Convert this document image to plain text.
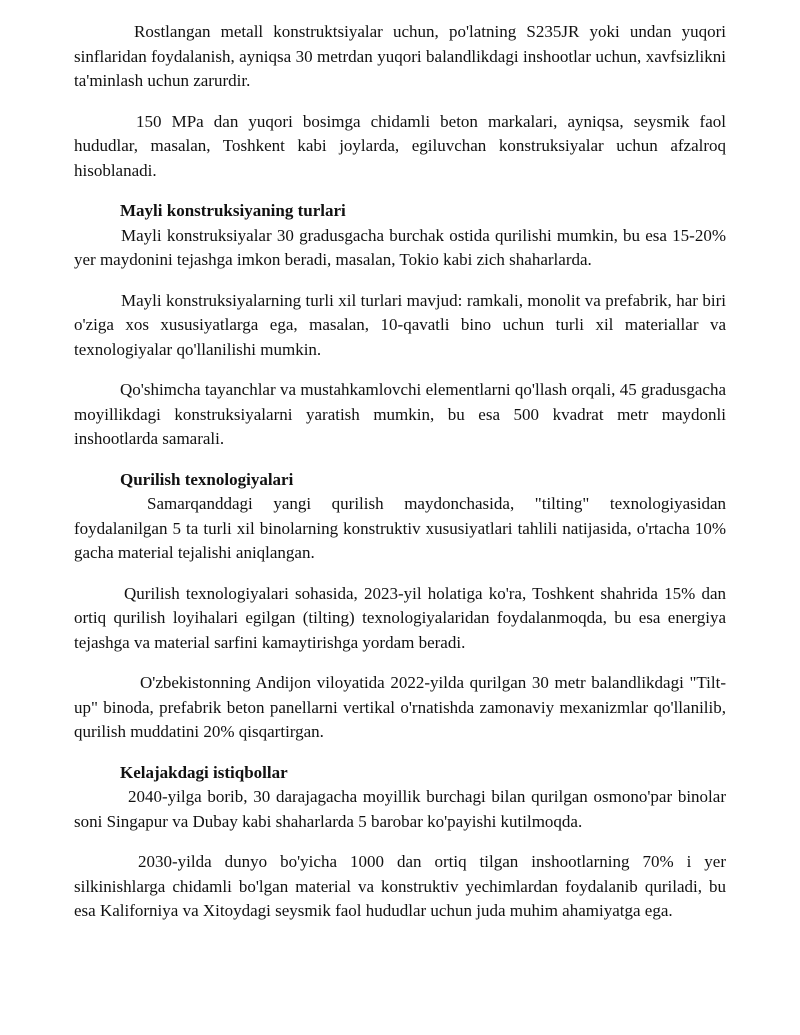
Rostlangan metall konstruktsiyalar uchun, po'latning S235JR yoki undan yuqori sinflaridan foydalanish, ayniqsa 30 metrdan yuqori balandlikdagi inshootlar uchun, xavfsizlikni ta'minlash uchun zarurdir.

150 MPa dan yuqori bosimga chidamli beton markalari, ayniqsa, seysmik faol hududlar, masalan, Toshkent kabi joylarda, egiluvchan konstruksiyalar uchun afzalroq hisoblanadi.

Mayli konstruksiyaning turlari

Mayli konstruksiyalar 30 gradusgacha burchak ostida qurilishi mumkin, bu esa 15-20% yer maydonini tejashga imkon beradi, masalan, Tokio kabi zich shaharlarda.

Mayli konstruksiyalarning turli xil turlari mavjud: ramkali, monolit va prefabrik, har biri o'ziga xos xususiyatlarga ega, masalan, 10-qavatli bino uchun turli xil materiallar va texnologiyalar qo'llanilishi mumkin.

Qo'shimcha tayanchlar va mustahkamlovchi elementlarni qo'llash orqali, 45 gradusgacha moyillikdagi konstruksiyalarni yaratish mumkin, bu esa 500 kvadrat metr maydonli inshootlarda samarali.

Qurilish texnologiyalari

Samarqanddagi yangi qurilish maydonchasida, "tilting" texnologiyasidan foydalanilgan 5 ta turli xil binolarning konstruktiv xususiyatlari tahlili natijasida, o'rtacha 10% gacha material tejalishi aniqlangan.

Qurilish texnologiyalari sohasida, 2023-yil holatiga ko'ra, Toshkent shahrida 15% dan ortiq qurilish loyihalari egilgan (tilting) texnologiyalaridan foydalanmoqda, bu esa energiya tejashga va material sarfini kamaytirishga yordam beradi.

O'zbekistonning Andijon viloyatida 2022-yilda qurilgan 30 metr balandlikdagi "Tilt-up" binoda, prefabrik beton panellarni vertikal o'rnatishda zamonaviy mexanizmlar qo'llanilib, qurilish muddatini 20% qisqartirgan.

Kelajakdagi istiqbollar

2040-yilga borib, 30 darajagacha moyillik burchagi bilan qurilgan osmono'par binolar soni Singapur va Dubay kabi shaharlarda 5 barobar ko'payishi kutilmoqda.

2030-yilda dunyo bo'yicha 1000 dan ortiq tilgan inshootlarning 70% i yer silkinishlarga chidamli bo'lgan material va konstruktiv yechimlardan foydalanib quriladi, bu esa Kaliforniya va Xitoydagi seysmik faol hududlar uchun juda muhim ahamiyatga ega.
